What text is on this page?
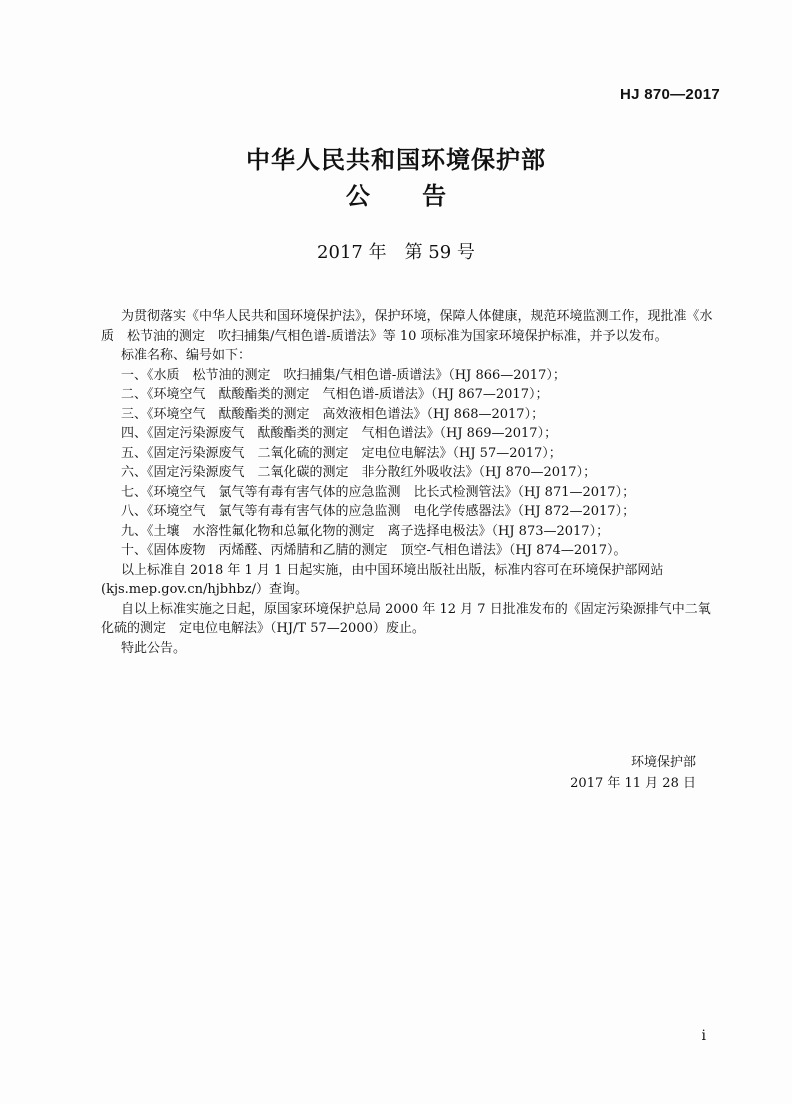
HJ 870—2017
中华人民共和国环境保护部
公 告
2017 年　第 59 号
为贯彻落实《中华人民共和国环境保护法》，保护环境，保障人体健康，规范环境监测工作，现批准《水质　松节油的测定　吹扫捕集/气相色谱-质谱法》等 10 项标准为国家环境保护标准，并予以发布。
标准名称、编号如下：
一、《水质　松节油的测定　吹扫捕集/气相色谱-质谱法》（HJ 866—2017）；
二、《环境空气　酞酸酯类的测定　气相色谱-质谱法》（HJ 867—2017）；
三、《环境空气　酞酸酯类的测定　高效液相色谱法》（HJ 868—2017）；
四、《固定污染源废气　酞酸酯类的测定　气相色谱法》（HJ 869—2017）；
五、《固定污染源废气　二氧化硫的测定　定电位电解法》（HJ 57—2017）；
六、《固定污染源废气　二氧化碳的测定　非分散红外吸收法》（HJ 870—2017）；
七、《环境空气　氯气等有毒有害气体的应急监测　比长式检测管法》（HJ 871—2017）；
八、《环境空气　氯气等有毒有害气体的应急监测　电化学传感器法》（HJ 872—2017）；
九、《土壤　水溶性氟化物和总氟化物的测定　离子选择电极法》（HJ 873—2017）；
十、《固体废物　丙烯醛、丙烯腈和乙腈的测定　顶空-气相色谱法》（HJ 874—2017）。
以上标准自 2018 年 1 月 1 日起实施，由中国环境出版社出版，标准内容可在环境保护部网站(kjs.mep.gov.cn/hjbhbz/）查询。
自以上标准实施之日起，原国家环境保护总局 2000 年 12 月 7 日批准发布的《固定污染源排气中二氧化硫的测定　定电位电解法》（HJ/T 57—2000）废止。
特此公告。
环境保护部
2017 年 11 月 28 日
i
